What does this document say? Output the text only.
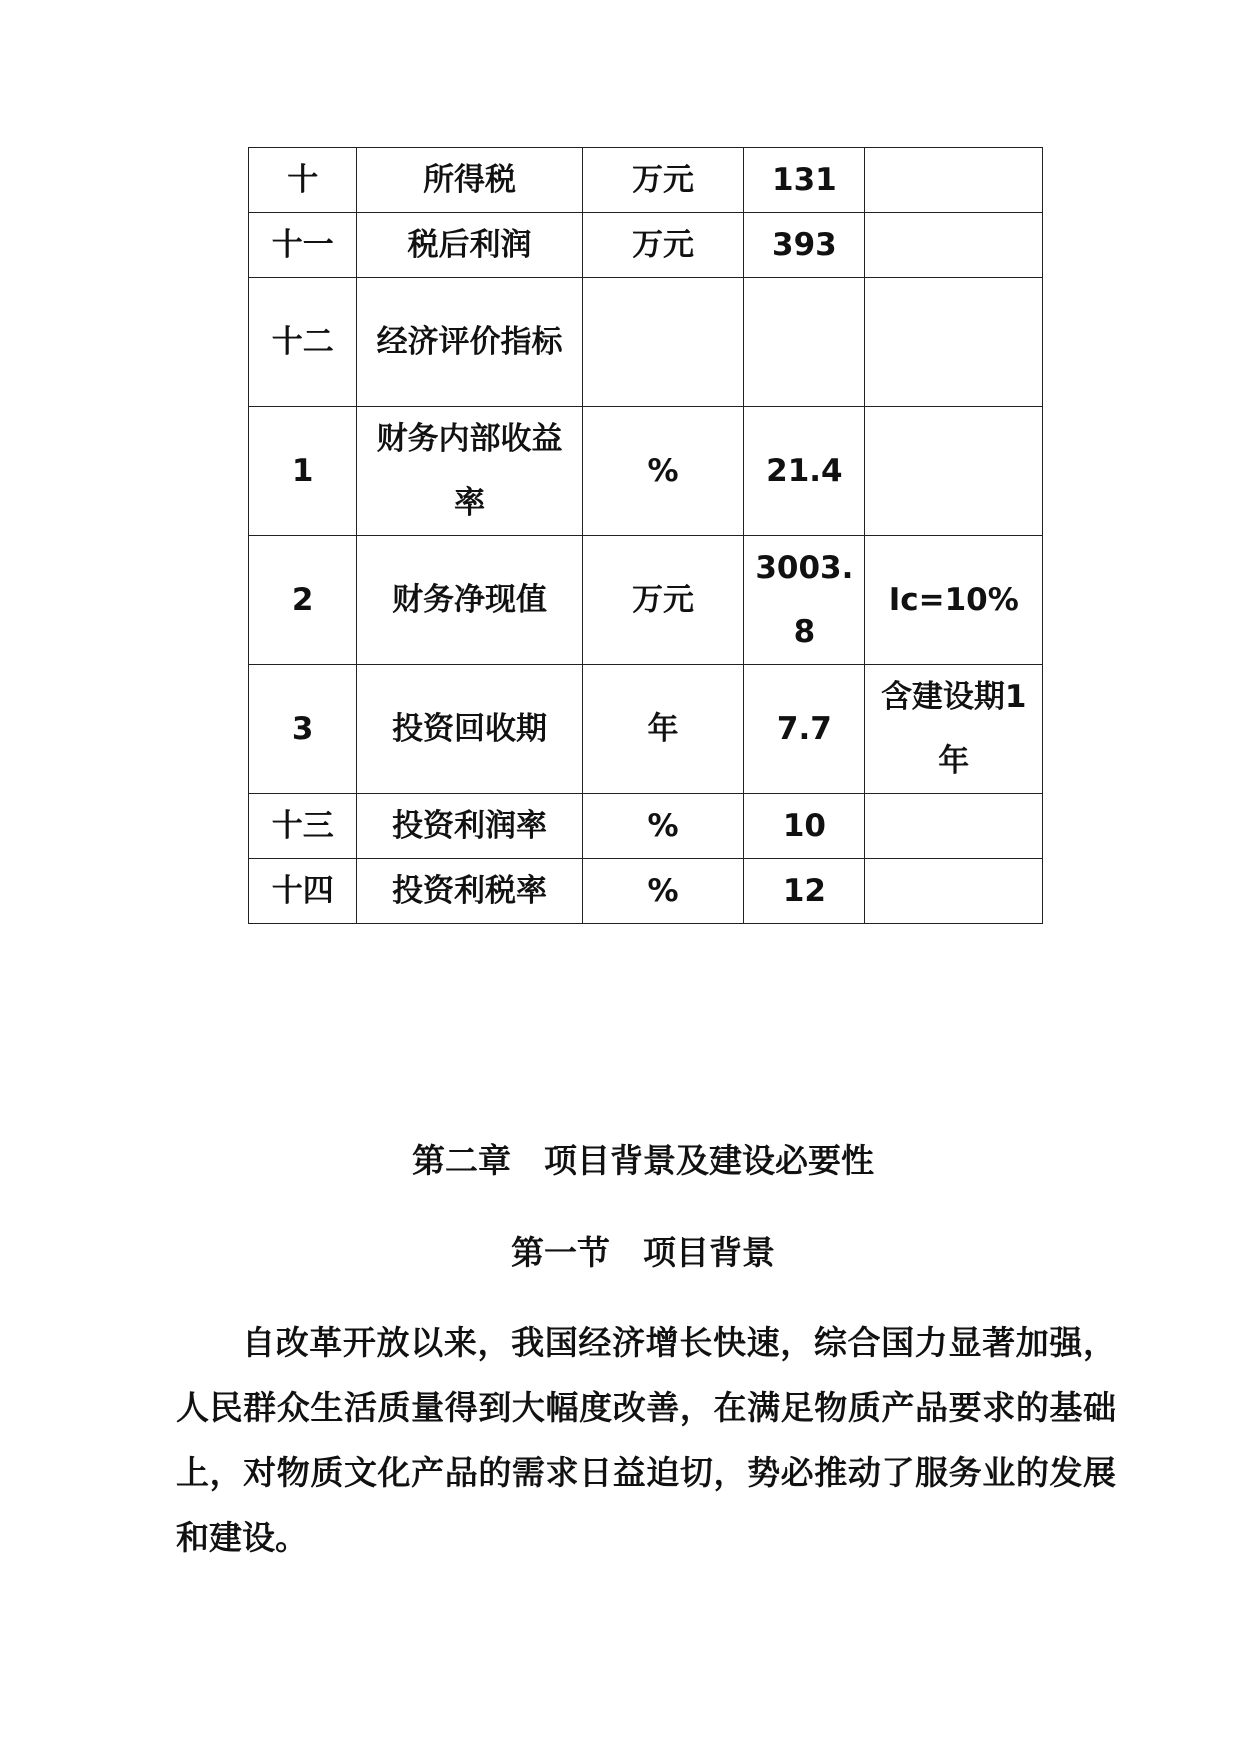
十	所得税	万元	131	
十一	税后利润	万元	393	
十二	经济评价指标			
1	财务内部收益率	%	21.4	
2	财务净现值	万元	3003.8	Ic=10%
3	投资回收期	年	7.7	含建设期1年
十三	投资利润率	%	10	
十四	投资利税率	%	12	
第二章　项目背景及建设必要性
第一节　项目背景

自改革开放以来，我国经济增长快速，综合国力显著加强，人民群众生活质量得到大幅度改善，在满足物质产品要求的基础上，对物质文化产品的需求日益迫切，势必推动了服务业的发展和建设。
